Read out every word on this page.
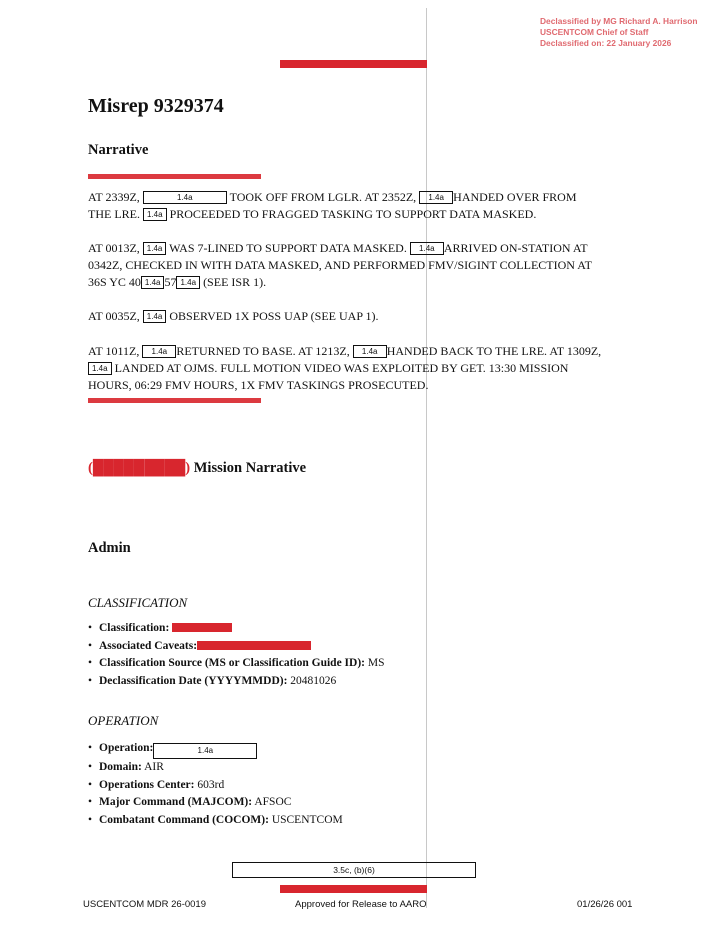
Declassified by MG Richard A. Harrison
USCENTCOM Chief of Staff
Declassified on: 22 January 2026
Misrep 9329374
Narrative
AT 2339Z,	1.4a	TOOK OFF FROM LGLR. AT 2352Z, 1.4a HANDED OVER FROM
THE LRE. 1.4a PROCEEDED TO FRAGGED TASKING TO SUPPORT DATA MASKED.
AT 0013Z, 1.4a WAS 7-LINED TO SUPPORT DATA MASKED. 1.4a ARRIVED ON-STATION AT
0342Z, CHECKED IN WITH DATA MASKED, AND PERFORMED FMV/SIGINT COLLECTION AT
36S YC 40 1.4a 57 1.4a (SEE ISR 1).
AT 0035Z, 1.4a OBSERVED 1X POSS UAP (SEE UAP 1).
AT 1011Z, 1.4a RETURNED TO BASE. AT 1213Z, 1.4a HANDED BACK TO THE LRE. AT 1309Z,
1.4a LANDED AT OJMS. FULL MOTION VIDEO WAS EXPLOITED BY GET. 13:30 MISSION
HOURS, 06:29 FMV HOURS, 1X FMV TASKINGS PROSECUTED.
(█████████) Mission Narrative
Admin
CLASSIFICATION
• Classification:
• Associated Caveats:
• Classification Source (MS or Classification Guide ID): MS
• Declassification Date (YYYYMMDD): 20481026
OPERATION
• Operation:	1.4a
• Domain: AIR
• Operations Center: 603rd
• Major Command (MAJCOM): AFSOC
• Combatant Command (COCOM): USCENTCOM
3.5c, (b)(6)
USCENTCOM MDR 26-0019	Approved for Release to AARO	01/26/26 001
